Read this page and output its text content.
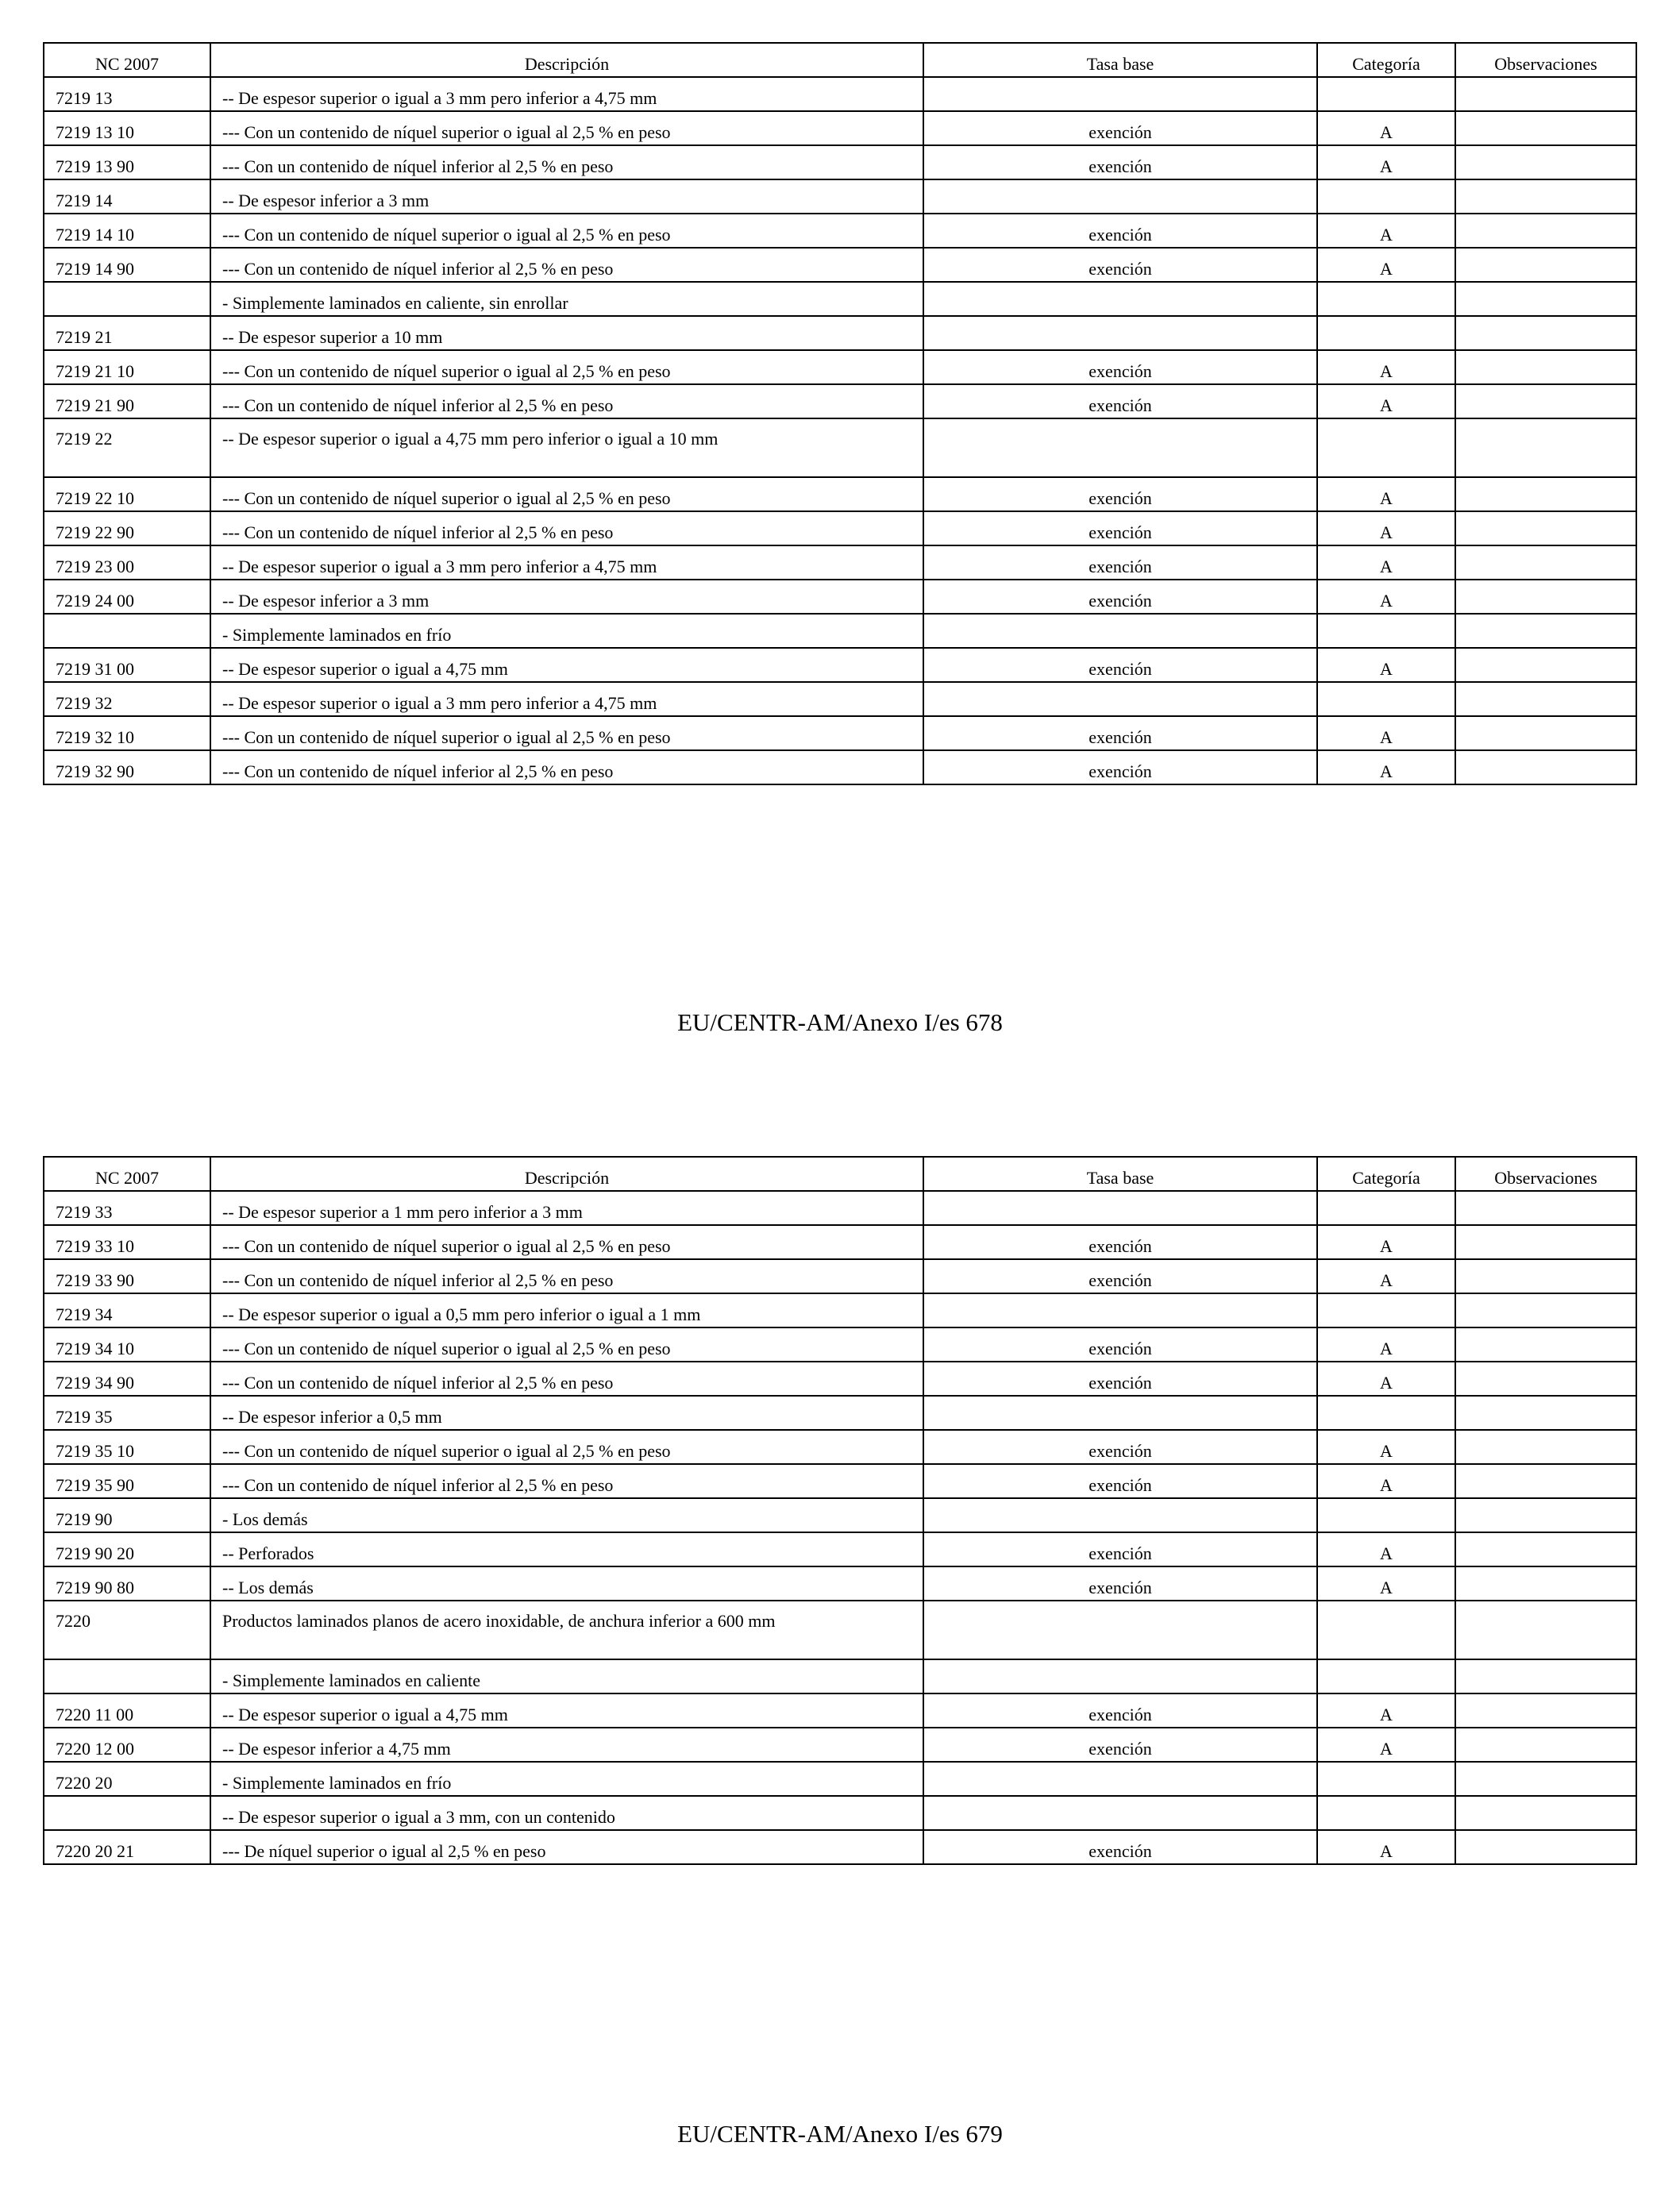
NC 2007	Descripción	Tasa base	Categoría	Observaciones
7219 13	-- De espesor superior o igual a 3 mm pero inferior a 4,75 mm			
7219 13 10	--- Con un contenido de níquel superior o igual al 2,5 % en peso	exención	A	
7219 13 90	--- Con un contenido de níquel inferior al 2,5 % en peso	exención	A	
7219 14	-- De espesor inferior a 3 mm			
7219 14 10	--- Con un contenido de níquel superior o igual al 2,5 % en peso	exención	A	
7219 14 90	--- Con un contenido de níquel inferior al 2,5 % en peso	exención	A	
	- Simplemente laminados en caliente, sin enrollar			
7219 21	-- De espesor superior a 10 mm			
7219 21 10	--- Con un contenido de níquel superior o igual al 2,5 % en peso	exención	A	
7219 21 90	--- Con un contenido de níquel inferior al 2,5 % en peso	exención	A	
7219 22	-- De espesor superior o igual a 4,75 mm pero inferior o igual a 10 mm			
7219 22 10	--- Con un contenido de níquel superior o igual al 2,5 % en peso	exención	A	
7219 22 90	--- Con un contenido de níquel inferior al 2,5 % en peso	exención	A	
7219 23 00	-- De espesor superior o igual a 3 mm pero inferior a 4,75 mm	exención	A	
7219 24 00	-- De espesor inferior a 3 mm	exención	A	
	- Simplemente laminados en frío			
7219 31 00	-- De espesor superior o igual a 4,75 mm	exención	A	
7219 32	-- De espesor superior o igual a 3 mm pero inferior a 4,75 mm			
7219 32 10	--- Con un contenido de níquel superior o igual al 2,5 % en peso	exención	A	
7219 32 90	--- Con un contenido de níquel inferior al 2,5 % en peso	exención	A	
EU/CENTR-AM/Anexo I/es 678
NC 2007	Descripción	Tasa base	Categoría	Observaciones
7219 33	-- De espesor superior a 1 mm pero inferior a 3 mm			
7219 33 10	--- Con un contenido de níquel superior o igual al 2,5 % en peso	exención	A	
7219 33 90	--- Con un contenido de níquel inferior al 2,5 % en peso	exención	A	
7219 34	-- De espesor superior o igual a 0,5 mm pero inferior o igual a 1 mm			
7219 34 10	--- Con un contenido de níquel superior o igual al 2,5 % en peso	exención	A	
7219 34 90	--- Con un contenido de níquel inferior al 2,5 % en peso	exención	A	
7219 35	-- De espesor inferior a 0,5 mm			
7219 35 10	--- Con un contenido de níquel superior o igual al 2,5 % en peso	exención	A	
7219 35 90	--- Con un contenido de níquel inferior al 2,5 % en peso	exención	A	
7219 90	- Los demás			
7219 90 20	-- Perforados	exención	A	
7219 90 80	-- Los demás	exención	A	
7220	Productos laminados planos de acero inoxidable, de anchura inferior a 600 mm			
	- Simplemente laminados en caliente			
7220 11 00	-- De espesor superior o igual a 4,75 mm	exención	A	
7220 12 00	-- De espesor inferior a 4,75 mm	exención	A	
7220 20	- Simplemente laminados en frío			
	-- De espesor superior o igual a 3 mm, con un contenido			
7220 20 21	--- De níquel superior o igual al 2,5 % en peso	exención	A	
EU/CENTR-AM/Anexo I/es 679
